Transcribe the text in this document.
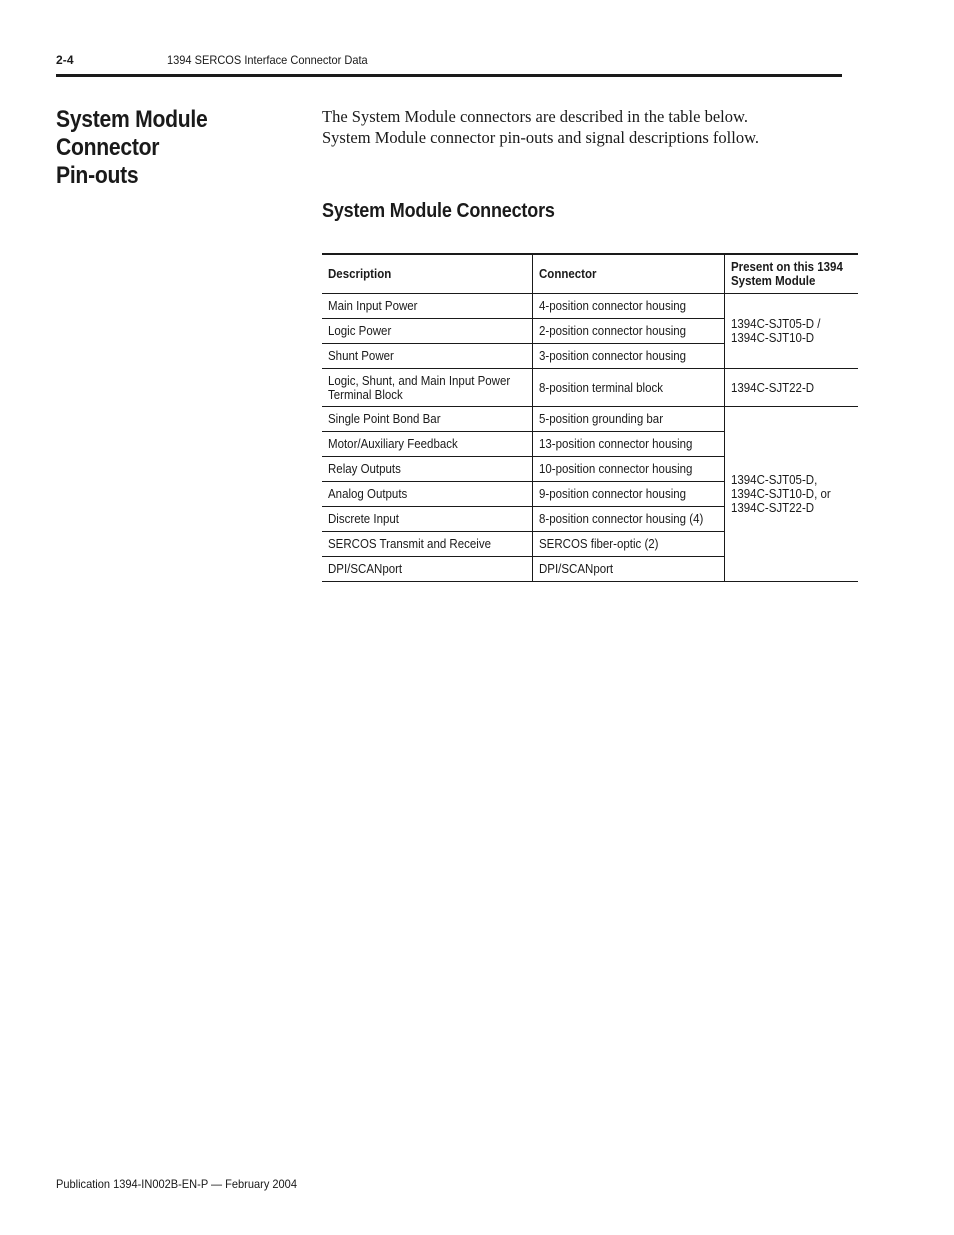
2-4	1394 SERCOS Interface Connector Data
System Module Connector
Pin-outs

The System Module connectors are described in the table below.
System Module connector pin-outs and signal descriptions follow.

System Module Connectors
Description	Connector	Present on this 1394
System Module
Main Input Power	4-position connector housing	1394C-SJT05-D /
1394C-SJT10-D
Logic Power	2-position connector housing	
Shunt Power	3-position connector housing	
Logic, Shunt, and Main Input Power
Terminal Block	8-position terminal block	1394C-SJT22-D
Single Point Bond Bar	5-position grounding bar	1394C-SJT05-D,
1394C-SJT10-D, or
1394C-SJT22-D
Motor/Auxiliary Feedback	13-position connector housing	
Relay Outputs	10-position connector housing	
Analog Outputs	9-position connector housing	
Discrete Input	8-position connector housing (4)	
SERCOS Transmit and Receive	SERCOS fiber-optic (2)	
DPI/SCANport	DPI/SCANport	
Publication 1394-IN002B-EN-P — February 2004
